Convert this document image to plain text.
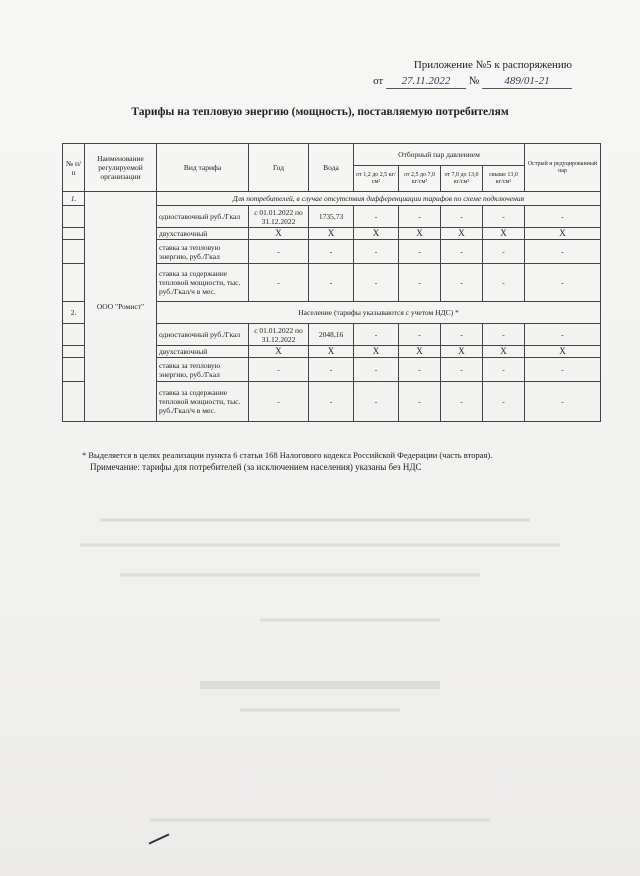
Приложение №5 к распоряжению
от 27.11.2022 № 489/01-21
Тарифы на тепловую энергию (мощность), поставляемую потребителям
№ п/п	Наименование регулируемой организации	Вид тарифа	Год	Вода	Отборный пар давлением				Острый и редуцированный пар
					от 1,2 до 2,5 кг/см²	от 2,5 до 7,0 кг/см²	от 7,0 до 13,0 кг/см²	свыше 13,0 кг/см²	
1.	ООО "Ромист"	Для потребителей, в случае отсутствия дифференциации тарифов по схеме подключения							
		одноставочный руб./Гкал	с 01.01.2022 по 31.12.2022	1735,73	-	-	-	-	-
		двухставочный	X	X	X	X	X	X	X
		ставка за тепловую энергию, руб./Гкал	-	-	-	-	-	-	-
		ставка за содержание тепловой мощности, тыс. руб./Гкал/ч в мес.	-	-	-	-	-	-	-
2.		Население (тарифы указываются с учетом НДС) *							
		одноставочный руб./Гкал	с 01.01.2022 по 31.12.2022	2048,16	-	-	-	-	-
		двухставочный	X	X	X	X	X	X	X
		ставка за тепловую энергию, руб./Гкал	-	-	-	-	-	-	-
		ставка за содержание тепловой мощности, тыс. руб./Гкал/ч в мес.	-	-	-	-	-	-	-
* Выделяется в целях реализации пункта 6 статьи 168 Налогового кодекса Российской Федерации (часть вторая).
Примечание: тарифы для потребителей (за исключением населения) указаны без НДС
